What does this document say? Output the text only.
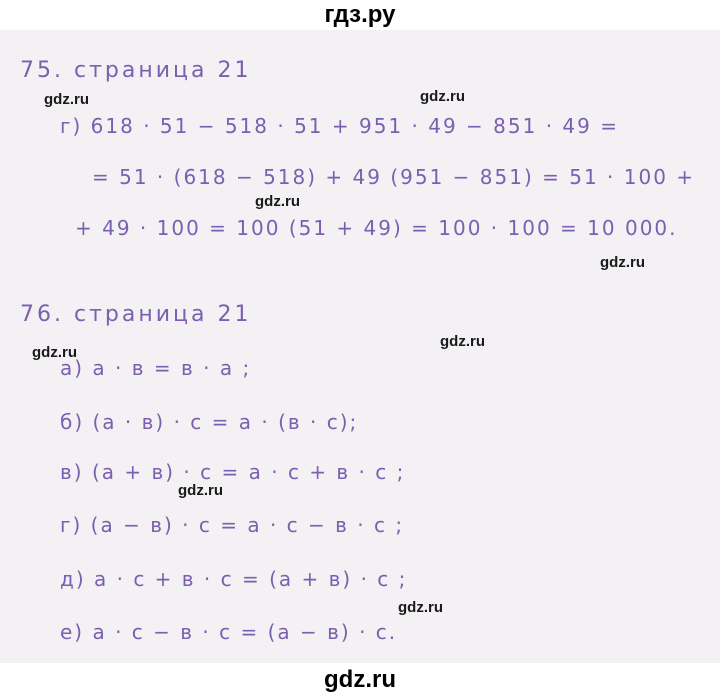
гдз.ру
75. страница 21
г) 618 · 51 − 518 · 51 + 951 · 49 − 851 · 49 =
= 51 · (618 − 518) + 49 (951 − 851) = 51 · 100 +
+ 49 · 100 = 100 (51 + 49) = 100 · 100 = 10 000.
76. страница 21
а) a · в = в · a ;
б) (a · в) · c = a · (в · c);
в) (a + в) · c = a · c + в · c ;
г) (a − в) · c = a · c − в · c ;
д) a · c + в · c = (a + в) · c ;
е) a · c − в · c = (a − в) · c.
gdz.ru	gdz.ru
gdz.ru
gdz.ru
gdz.ru
gdz.ru
gdz.ru
gdz.ru
gdz.ru
